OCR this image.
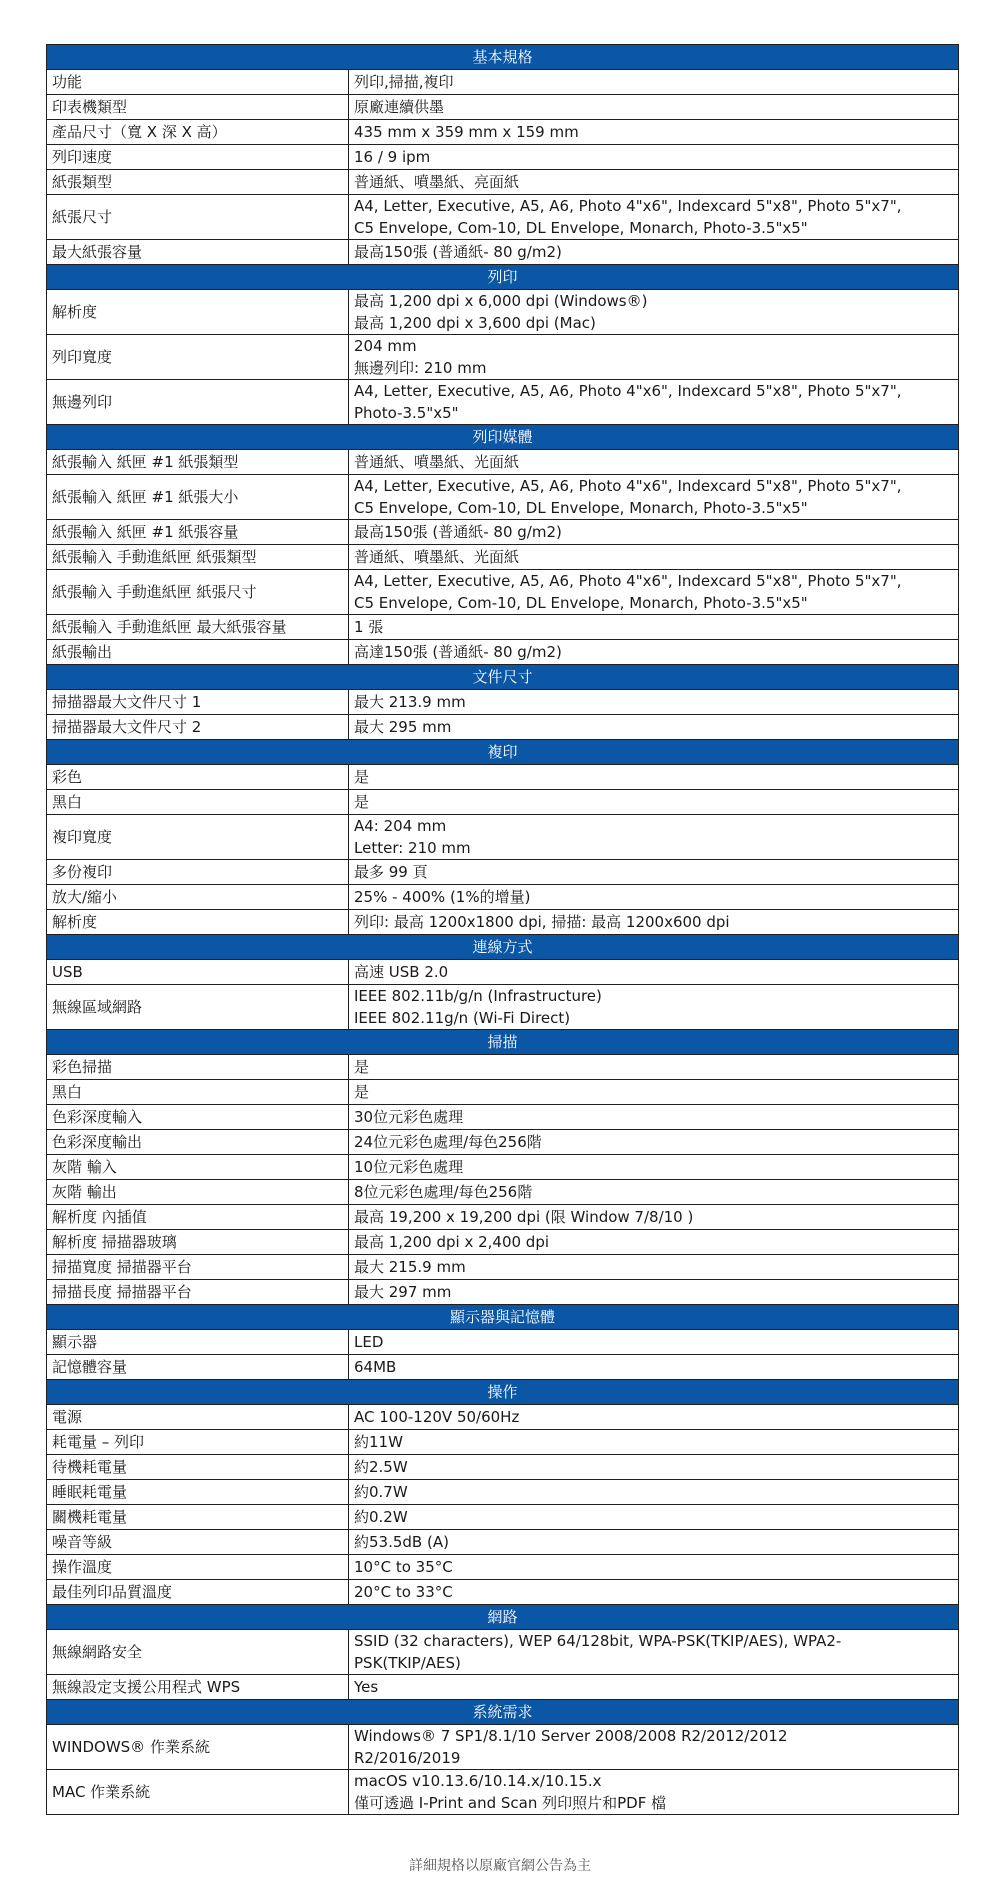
基本規格	
功能	列印,掃描,複印
印表機類型	原廠連續供墨
產品尺寸（寬 X 深 X 高）	435 mm x 359 mm x 159 mm
列印速度	16 / 9 ipm
紙張類型	普通紙、噴墨紙、亮面紙
紙張尺寸	A4, Letter, Executive, A5, A6, Photo 4"x6", Indexcard 5"x8", Photo 5"x7",
C5 Envelope, Com-10, DL Envelope, Monarch, Photo-3.5"x5"
最大紙張容量	最高150張 (普通紙- 80 g/m2)
列印	
解析度	最高 1,200 dpi x 6,000 dpi (Windows®)
最高 1,200 dpi x 3,600 dpi (Mac)
列印寬度	204 mm
無邊列印: 210 mm
無邊列印	A4, Letter, Executive, A5, A6, Photo 4"x6", Indexcard 5"x8", Photo 5"x7",
Photo-3.5"x5"
列印媒體	
紙張輸入 紙匣 #1 紙張類型	普通紙、噴墨紙、光面紙
紙張輸入 紙匣 #1 紙張大小	A4, Letter, Executive, A5, A6, Photo 4"x6", Indexcard 5"x8", Photo 5"x7",
C5 Envelope, Com-10, DL Envelope, Monarch, Photo-3.5"x5"
紙張輸入 紙匣 #1 紙張容量	最高150張 (普通紙- 80 g/m2)
紙張輸入 手動進紙匣 紙張類型	普通紙、噴墨紙、光面紙
紙張輸入 手動進紙匣 紙張尺寸	A4, Letter, Executive, A5, A6, Photo 4"x6", Indexcard 5"x8", Photo 5"x7",
C5 Envelope, Com-10, DL Envelope, Monarch, Photo-3.5"x5"
紙張輸入 手動進紙匣 最大紙張容量	1 張
紙張輸出	高達150張 (普通紙- 80 g/m2)
文件尺寸	
掃描器最大文件尺寸 1	最大 213.9 mm
掃描器最大文件尺寸 2	最大 295 mm
複印	
彩色	是
黑白	是
複印寬度	A4: 204 mm
Letter: 210 mm
多份複印	最多 99 頁
放大/縮小	25% - 400% (1%的增量)
解析度	列印: 最高 1200x1800 dpi, 掃描: 最高 1200x600 dpi
連線方式	
USB	高速 USB 2.0
無線區域網路	IEEE 802.11b/g/n (Infrastructure)
IEEE 802.11g/n (Wi-Fi Direct)
掃描	
彩色掃描	是
黑白	是
色彩深度輸入	30位元彩色處理
色彩深度輸出	24位元彩色處理/每色256階
灰階 輸入	10位元彩色處理
灰階 輸出	8位元彩色處理/每色256階
解析度 內插值	最高 19,200 x 19,200 dpi (限 Window 7/8/10 )
解析度 掃描器玻璃	最高 1,200 dpi x 2,400 dpi
掃描寬度 掃描器平台	最大 215.9 mm
掃描長度 掃描器平台	最大 297 mm
顯示器與記憶體	
顯示器	LED
記憶體容量	64MB
操作	
電源	AC 100-120V 50/60Hz
耗電量 – 列印	約11W
待機耗電量	約2.5W
睡眠耗電量	約0.7W
關機耗電量	約0.2W
噪音等級	約53.5dB (A)
操作溫度	10°C to 35°C
最佳列印品質溫度	20°C to 33°C
網路	
無線網路安全	SSID (32 characters), WEP 64/128bit, WPA-PSK(TKIP/AES), WPA2-
PSK(TKIP/AES)
無線設定支援公用程式 WPS	Yes
系統需求	
WINDOWS® 作業系統	Windows® 7 SP1/8.1/10 Server 2008/2008 R2/2012/2012
R2/2016/2019
MAC 作業系統	macOS v10.13.6/10.14.x/10.15.x
僅可透過 I-Print and Scan 列印照片和PDF 檔
詳細規格以原廠官網公告為主
